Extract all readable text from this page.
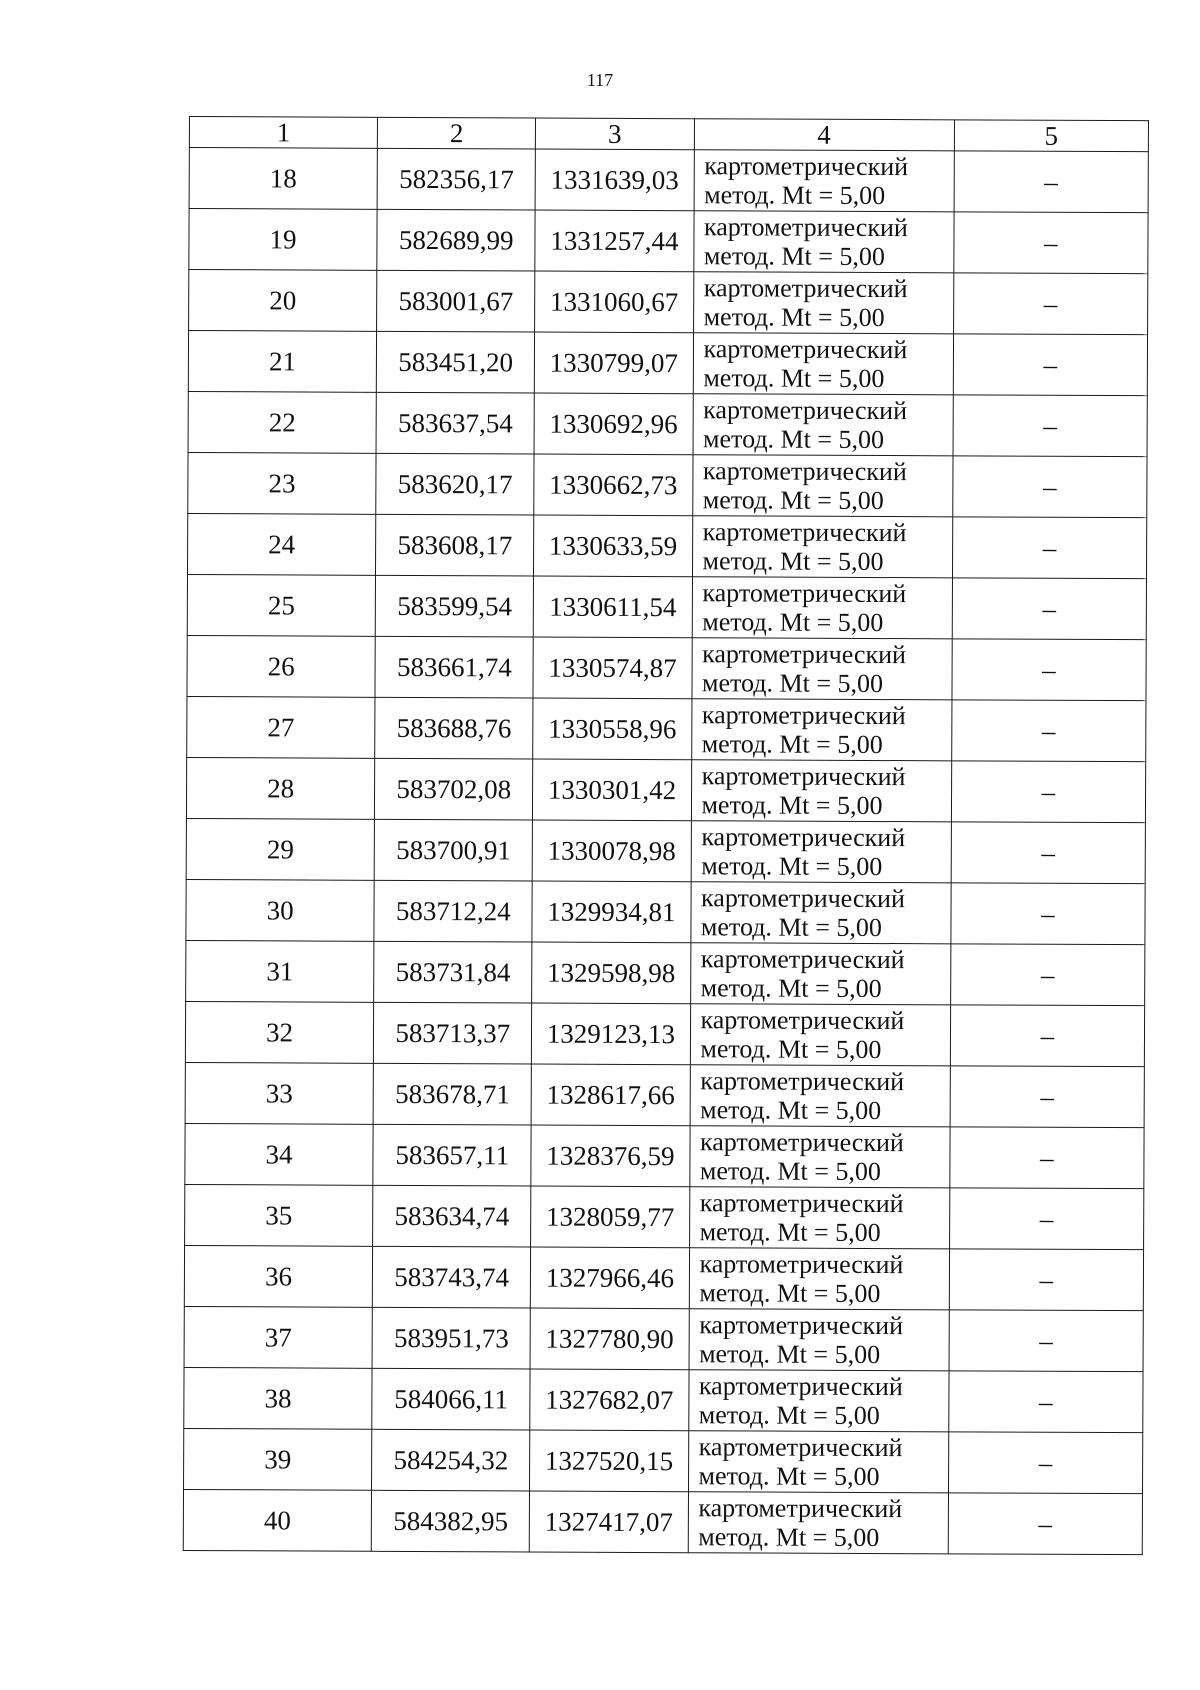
117
1	2	3	4	5
18	582356,17	1331639,03	картометрический
метод. Mt = 5,00	–
19	582689,99	1331257,44	картометрический
метод. Mt = 5,00	–
20	583001,67	1331060,67	картометрический
метод. Mt = 5,00	–
21	583451,20	1330799,07	картометрический
метод. Mt = 5,00	–
22	583637,54	1330692,96	картометрический
метод. Mt = 5,00	–
23	583620,17	1330662,73	картометрический
метод. Mt = 5,00	–
24	583608,17	1330633,59	картометрический
метод. Mt = 5,00	–
25	583599,54	1330611,54	картометрический
метод. Mt = 5,00	–
26	583661,74	1330574,87	картометрический
метод. Mt = 5,00	–
27	583688,76	1330558,96	картометрический
метод. Mt = 5,00	–
28	583702,08	1330301,42	картометрический
метод. Mt = 5,00	–
29	583700,91	1330078,98	картометрический
метод. Mt = 5,00	–
30	583712,24	1329934,81	картометрический
метод. Mt = 5,00	–
31	583731,84	1329598,98	картометрический
метод. Mt = 5,00	–
32	583713,37	1329123,13	картометрический
метод. Mt = 5,00	–
33	583678,71	1328617,66	картометрический
метод. Mt = 5,00	–
34	583657,11	1328376,59	картометрический
метод. Mt = 5,00	–
35	583634,74	1328059,77	картометрический
метод. Mt = 5,00	–
36	583743,74	1327966,46	картометрический
метод. Mt = 5,00	–
37	583951,73	1327780,90	картометрический
метод. Mt = 5,00	–
38	584066,11	1327682,07	картометрический
метод. Mt = 5,00	–
39	584254,32	1327520,15	картометрический
метод. Mt = 5,00	–
40	584382,95	1327417,07	картометрический
метод. Mt = 5,00	–
